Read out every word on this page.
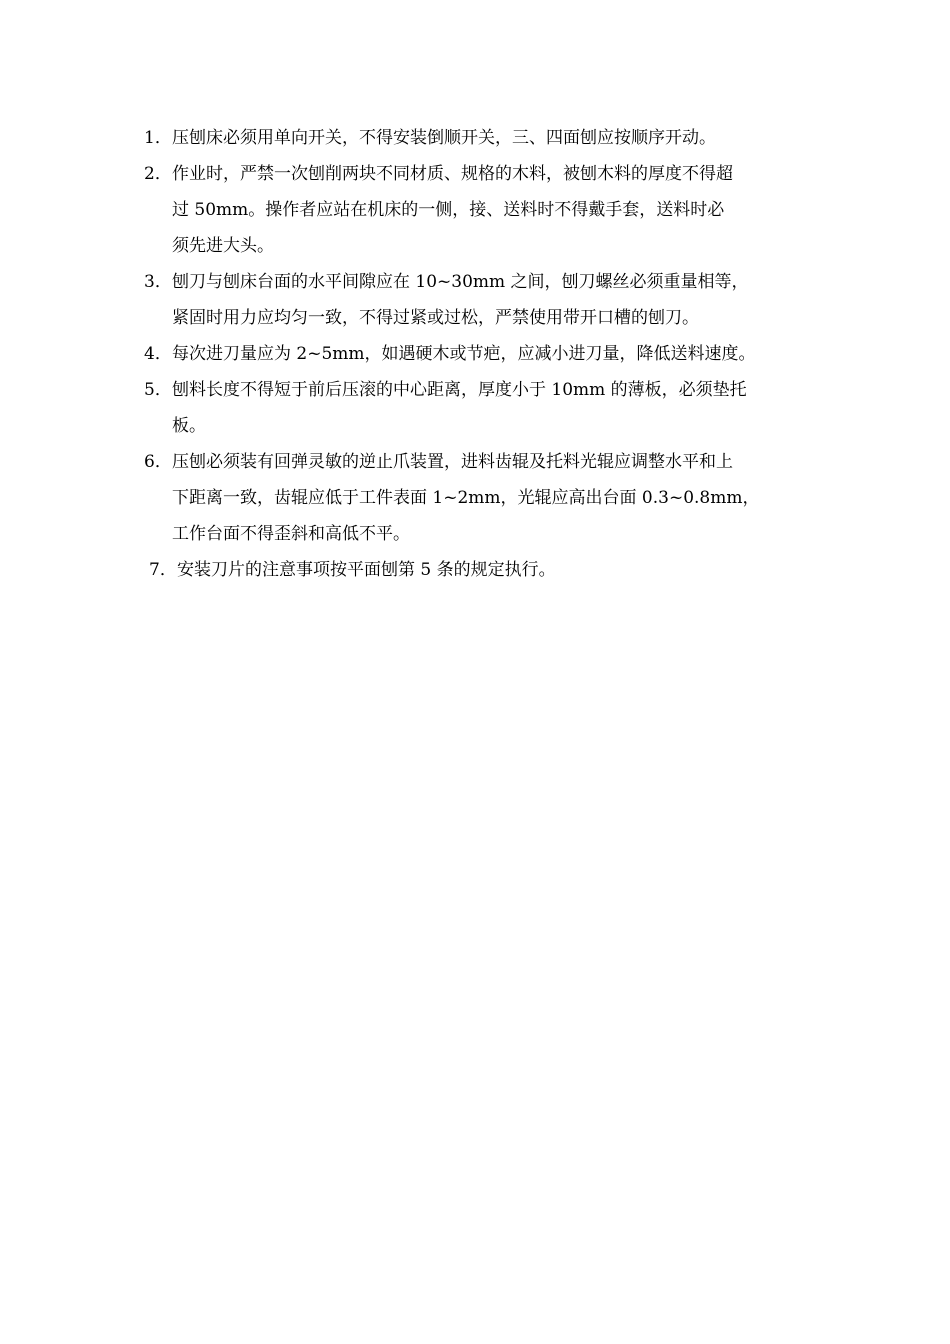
1． 压刨床必须用单向开关，不得安装倒顺开关，三、四面刨应按顺序开动。
2． 作业时，严禁一次刨削两块不同材质、规格的木料，被刨木料的厚度不得超
过 50mm。操作者应站在机床的一侧，接、送料时不得戴手套，送料时必
须先进大头。
3． 刨刀与刨床台面的水平间隙应在 10~30mm 之间，刨刀螺丝必须重量相等，
紧固时用力应均匀一致，不得过紧或过松，严禁使用带开口槽的刨刀。
4． 每次进刀量应为 2~5mm，如遇硬木或节疤，应减小进刀量，降低送料速度。
5． 刨料长度不得短于前后压滚的中心距离，厚度小于 10mm 的薄板，必须垫托
板。
6． 压刨必须装有回弹灵敏的逆止爪装置，进料齿辊及托料光辊应调整水平和上
下距离一致，齿辊应低于工件表面 1~2mm，光辊应高出台面 0.3~0.8mm，
工作台面不得歪斜和高低不平。
7． 安装刀片的注意事项按平面刨第 5 条的规定执行。
